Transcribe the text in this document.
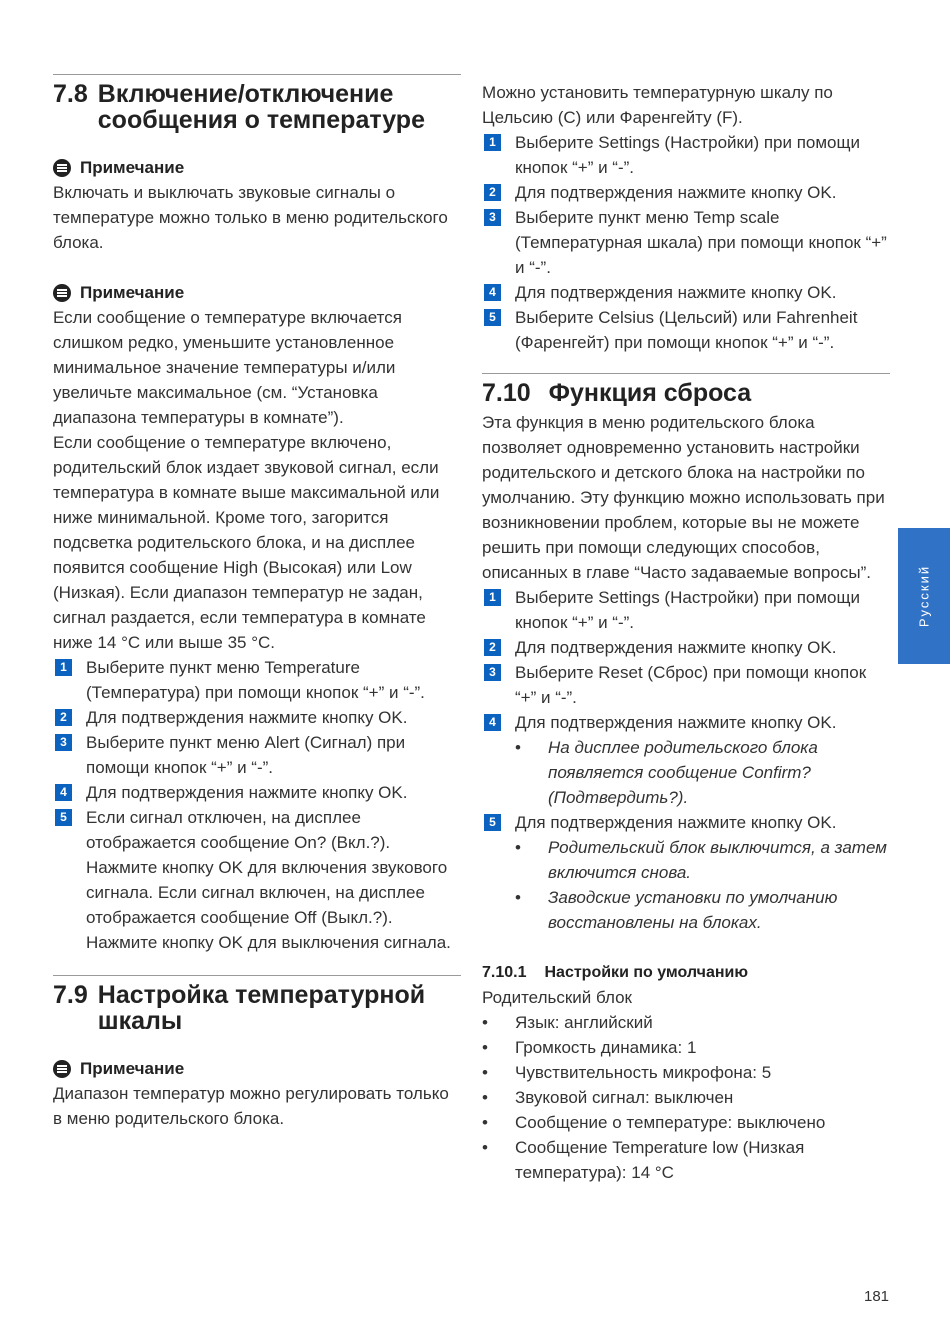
7.8 Включение/отключение сообщения о температуре
Примечание

Включать и выключать звуковые сигналы о температуре можно только в меню родительского блока.

Примечание

Если сообщение о температуре включается слишком редко, уменьшите установленное минимальное значение температуры и/или увеличьте максимальное (см. “Установка диапазона температуры в комнате”).

Если сообщение о температуре включено, родительский блок издает звуковой сигнал, если температура в комнате выше максимальной или ниже минимальной. Кроме того, загорится подсветка родительского блока, и на дисплее появится сообщение High (Высокая) или Low (Низкая). Если диапазон температур не задан, сигнал раздается, если температура в комнате ниже 14 °C или выше 35 °C.

1	Выберите пункт меню Temperature (Температура) при помощи кнопок “+” и “-”.
2	Для подтверждения нажмите кнопку OK.
3	Выберите пункт меню Alert (Сигнал) при помощи кнопок “+” и “-”.
4	Для подтверждения нажмите кнопку OK.
5	Если сигнал отключен, на дисплее отображается сообщение On? (Вкл.?). Нажмите кнопку OK для включения звукового сигнала. Если сигнал включен, на дисплее отображается сообщение Off (Выкл.?). Нажмите кнопку OK для выключения сигнала.
7.9 Настройка температурной шкалы
Примечание

Диапазон температур можно регулировать только в меню родительского блока.

Можно установить температурную шкалу по Цельсию (C) или Фаренгейту (F).

1	Выберите Settings (Настройки) при помощи кнопок “+” и “-”.
2	Для подтверждения нажмите кнопку OK.
3	Выберите пункт меню Temp scale (Температурная шкала) при помощи кнопок “+” и “-”.
4	Для подтверждения нажмите кнопку OK.
5	Выберите Celsius (Цельсий) или Fahrenheit (Фаренгейт) при помощи кнопок “+” и “-”.
7.10 Функция сброса

Эта функция в меню родительского блока позволяет одновременно установить настройки родительского и детского блока на настройки по умолчанию. Эту функцию можно использовать при возникновении проблем, которые вы не можете решить при помощи следующих способов, описанных в главе “Часто задаваемые вопросы”.

1	Выберите Settings (Настройки) при помощи кнопок “+” и “-”.
2	Для подтверждения нажмите кнопку OK.
3	Выберите Reset (Сброс) при помощи кнопок “+” и “-”.
4	Для подтверждения нажмите кнопку OK.
• На дисплее родительского блока появляется сообщение Confirm? (Подтвердить?).
5	Для подтверждения нажмите кнопку OK.
• Родительский блок выключится, а затем включится снова.
• Заводские установки по умолчанию восстановлены на блоках.
7.10.1 Настройки по умолчанию

Родительский блок

• Язык: английский
• Громкость динамика: 1
• Чувствительность микрофона: 5
• Звуковой сигнал: выключен
• Сообщение о температуре: выключено
• Сообщение Temperature low (Низкая температура): 14 °C
Русский
181
